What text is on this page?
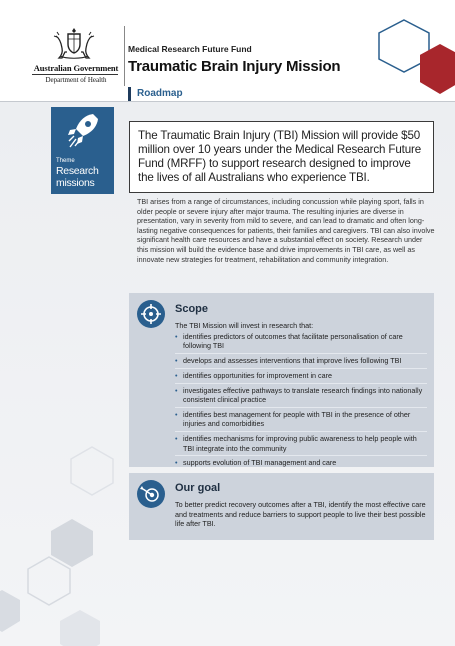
Australian Government
Department of Health
Medical Research Future Fund
Traumatic Brain Injury Mission
Roadmap
Theme
Research
missions
The Traumatic Brain Injury (TBI) Mission will provide $50 million over 10 years under the Medical Research Future Fund (MRFF) to support research designed to improve the lives of all Australians who experience TBI.
TBI arises from a range of circumstances, including concussion while playing sport, falls in older people or severe injury after major trauma. The resulting injuries are diverse in presentation, vary in severity from mild to severe, and can lead to dramatic and often long-lasting negative consequences for patients, their families and caregivers. TBI can also involve significant health care resources and have a substantial effect on society. Research under this mission will build the evidence base and drive improvements in TBI care, as well as innovate new strategies for treatment, rehabilitation and community integration.
Scope
The TBI Mission will invest in research that:
• identifies predictors of outcomes that facilitate personalisation of care following TBI
• develops and assesses interventions that improve lives following TBI
• identifies opportunities for improvement in care
• investigates effective pathways to translate research findings into nationally consistent clinical practice
• identifies best management for people with TBI in the presence of other injuries and comorbidities
• identifies mechanisms for improving public awareness to help people with TBI integrate into the community
• supports evolution of TBI management and care
Our goal
To better predict recovery outcomes after a TBI, identify the most effective care and treatments and reduce barriers to support people to live their best possible life after TBI.
